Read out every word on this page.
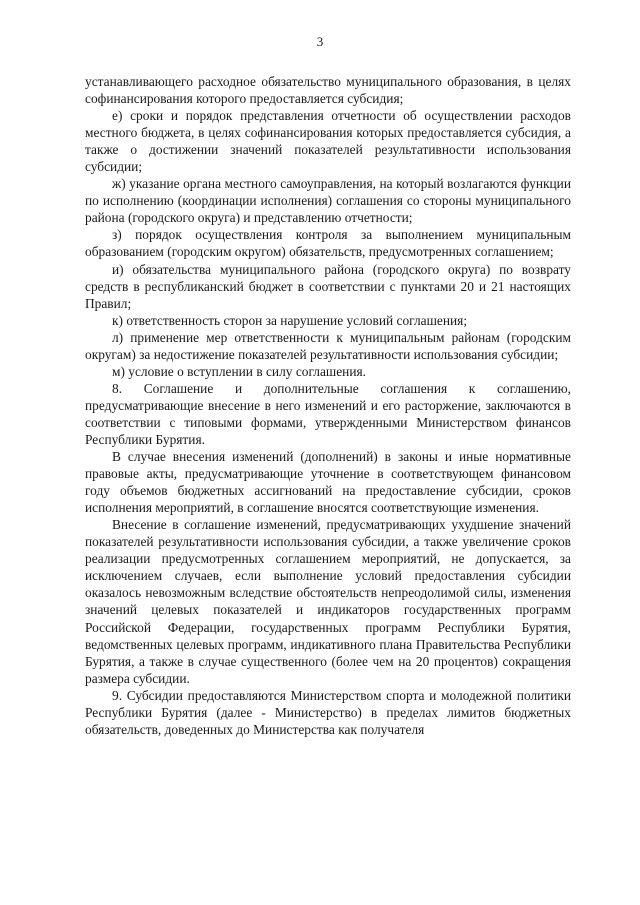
3

устанавливающего расходное обязательство муниципального образования, в целях софинансирования которого предоставляется субсидия;

е) сроки и порядок представления отчетности об осуществлении расходов местного бюджета, в целях софинансирования которых предоставляется субсидия, а также о достижении значений показателей результативности использования субсидии;

ж) указание органа местного самоуправления, на который возлагаются функции по исполнению (координации исполнения) соглашения со стороны муниципального района (городского округа) и представлению отчетности;

з) порядок осуществления контроля за выполнением муниципальным образованием (городским округом) обязательств, предусмотренных соглашением;

и) обязательства муниципального района (городского округа) по возврату средств в республиканский бюджет в соответствии с пунктами 20 и 21 настоящих Правил;

к) ответственность сторон за нарушение условий соглашения;

л) применение мер ответственности к муниципальным районам (городским округам) за недостижение показателей результативности использования субсидии;

м) условие о вступлении в силу соглашения.

8. Соглашение и дополнительные соглашения к соглашению, предусматривающие внесение в него изменений и его расторжение, заключаются в соответствии с типовыми формами, утвержденными Министерством финансов Республики Бурятия.

В случае внесения изменений (дополнений) в законы и иные нормативные правовые акты, предусматривающие уточнение в соответствующем финансовом году объемов бюджетных ассигнований на предоставление субсидии, сроков исполнения мероприятий, в соглашение вносятся соответствующие изменения.

Внесение в соглашение изменений, предусматривающих ухудшение значений показателей результативности использования субсидии, а также увеличение сроков реализации предусмотренных соглашением мероприятий, не допускается, за исключением случаев, если выполнение условий предоставления субсидии оказалось невозможным вследствие обстоятельств непреодолимой силы, изменения значений целевых показателей и индикаторов государственных программ Российской Федерации, государственных программ Республики Бурятия, ведомственных целевых программ, индикативного плана Правительства Республики Бурятия, а также в случае существенного (более чем на 20 процентов) сокращения размера субсидии.

9. Субсидии предоставляются Министерством спорта и молодежной политики Республики Бурятия (далее - Министерство) в пределах лимитов бюджетных обязательств, доведенных до Министерства как получателя
